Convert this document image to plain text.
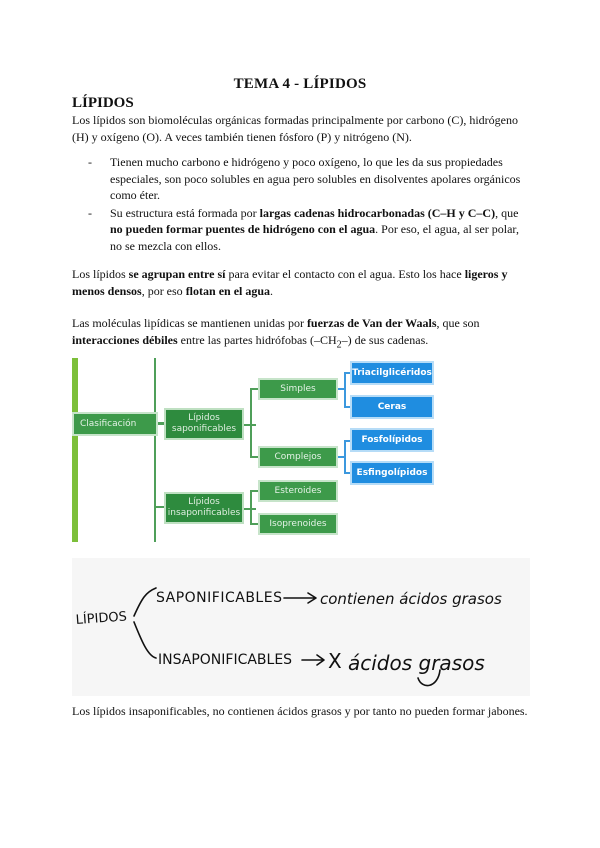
TEMA 4 - LÍPIDOS
LÍPIDOS

Los lípidos son biomoléculas orgánicas formadas principalmente por carbono (C), hidrógeno (H) y oxígeno (O). A veces también tienen fósforo (P) y nitrógeno (N).

- Tienen mucho carbono e hidrógeno y poco oxígeno, lo que les da sus propiedades especiales, son poco solubles en agua pero solubles en disolventes apolares orgánicos como éter.
- Su estructura está formada por largas cadenas hidrocarbonadas (C–H y C–C), que no pueden formar puentes de hidrógeno con el agua. Por eso, el agua, al ser polar, no se mezcla con ellos.

Los lípidos se agrupan entre sí para evitar el contacto con el agua. Esto los hace ligeros y menos densos, por eso flotan en el agua.

Las moléculas lipídicas se mantienen unidas por fuerzas de Van der Waals, que son interacciones débiles entre las partes hidrófobas $(-CH_2-)$ de sus cadenas.

Clasificación
Lípidos saponificables
Lípidos insaponificables
Simples
Complejos
Esteroides
Isoprenoides
Triacilglicéridos
Ceras
Fosfolípidos
Esfingolípidos
LÍPIDOS
SAPONIFICABLES	contienen ácidos grasos
INSAPONIFICABLES X ácidos grasos

Los lípidos insaponificables, no contienen ácidos grasos y por tanto no pueden formar jabones.
